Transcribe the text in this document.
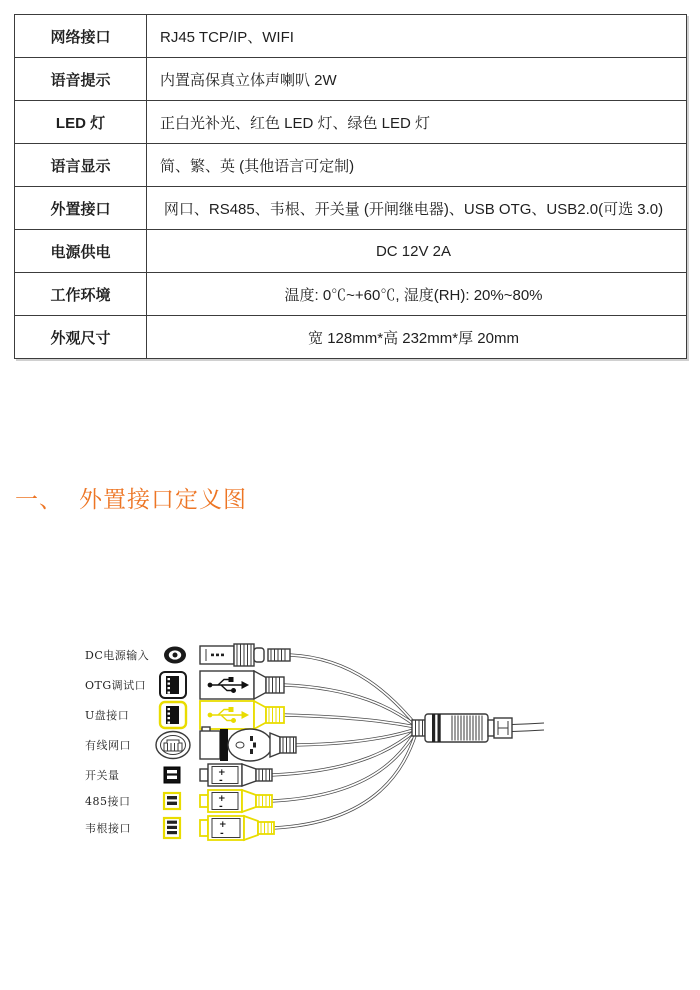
网络接口	RJ45 TCP/IP、WIFI
语音提示	内置高保真立体声喇叭 2W
LED 灯	正白光补光、红色 LED 灯、绿色 LED 灯
语言显示	简、繁、英 (其他语言可定制)
外置接口	网口、RS485、韦根、开关量 (开闸继电器)、USB OTG、USB2.0(可选 3.0)
电源供电	DC 12V 2A
工作环境	温度: 0℃~+60℃, 湿度(RH): 20%~80%
外观尺寸	宽 128mm*高 232mm*厚 20mm
一、 外置接口定义图
DC电源输入
OTG调试口
U盘接口
有线网口
开关量
485接口
韦根接口
+
-
+
-
+
-
